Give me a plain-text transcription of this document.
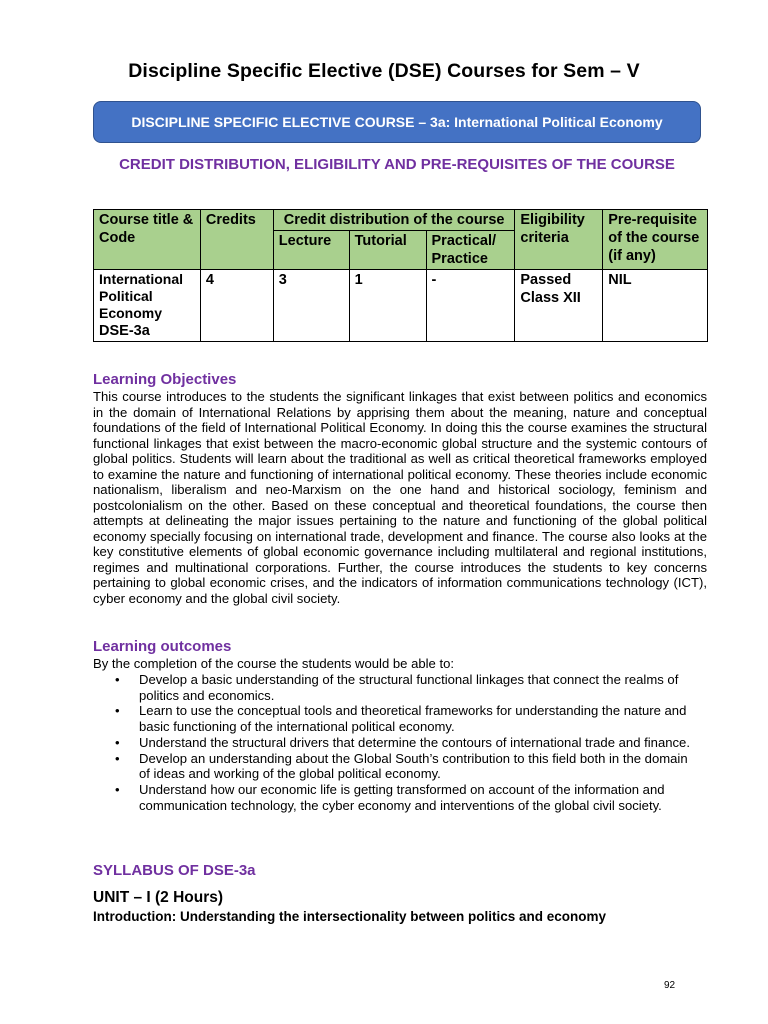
Discipline Specific Elective (DSE) Courses for Sem – V
DISCIPLINE SPECIFIC ELECTIVE COURSE – 3a: International Political Economy
CREDIT DISTRIBUTION, ELIGIBILITY AND PRE-REQUISITES OF THE COURSE
Course title & Code	Credits	Credit distribution of the course			Eligibility criteria	Pre-requisite of the course (if any)
		Lecture	Tutorial	Practical/ Practice		

International Political Economy
DSE-3a	4	3	1	-	Passed Class XII	NIL
Learning Objectives
This course introduces to the students the significant linkages that exist between politics and economics in the domain of International Relations by apprising them about the meaning, nature and conceptual foundations of the field of International Political Economy. In doing this the course examines the structural functional linkages that exist between the macro-economic global structure and the systemic contours of global politics. Students will learn about the traditional as well as critical theoretical frameworks employed to examine the nature and functioning of international political economy. These theories include economic nationalism, liberalism and neo-Marxism on the one hand and historical sociology, feminism and postcolonialism on the other. Based on these conceptual and theoretical foundations, the course then attempts at delineating the major issues pertaining to the nature and functioning of the global political economy specially focusing on international trade, development and finance. The course also looks at the key constitutive elements of global economic governance including multilateral and regional institutions, regimes and multinational corporations. Further, the course introduces the students to key concerns pertaining to global economic crises, and the indicators of information communications technology (ICT), cyber economy and the global civil society.
Learning outcomes
By the completion of the course the students would be able to:
• Develop a basic understanding of the structural functional linkages that connect the realms of politics and economics.
• Learn to use the conceptual tools and theoretical frameworks for understanding the nature and basic functioning of the international political economy.
• Understand the structural drivers that determine the contours of international trade and finance.
• Develop an understanding about the Global South’s contribution to this field both in the domain of ideas and working of the global political economy.
• Understand how our economic life is getting transformed on account of the information and communication technology, the cyber economy and interventions of the global civil society.
SYLLABUS OF DSE-3a
UNIT – I (2 Hours)
Introduction: Understanding the intersectionality between politics and economy
92
